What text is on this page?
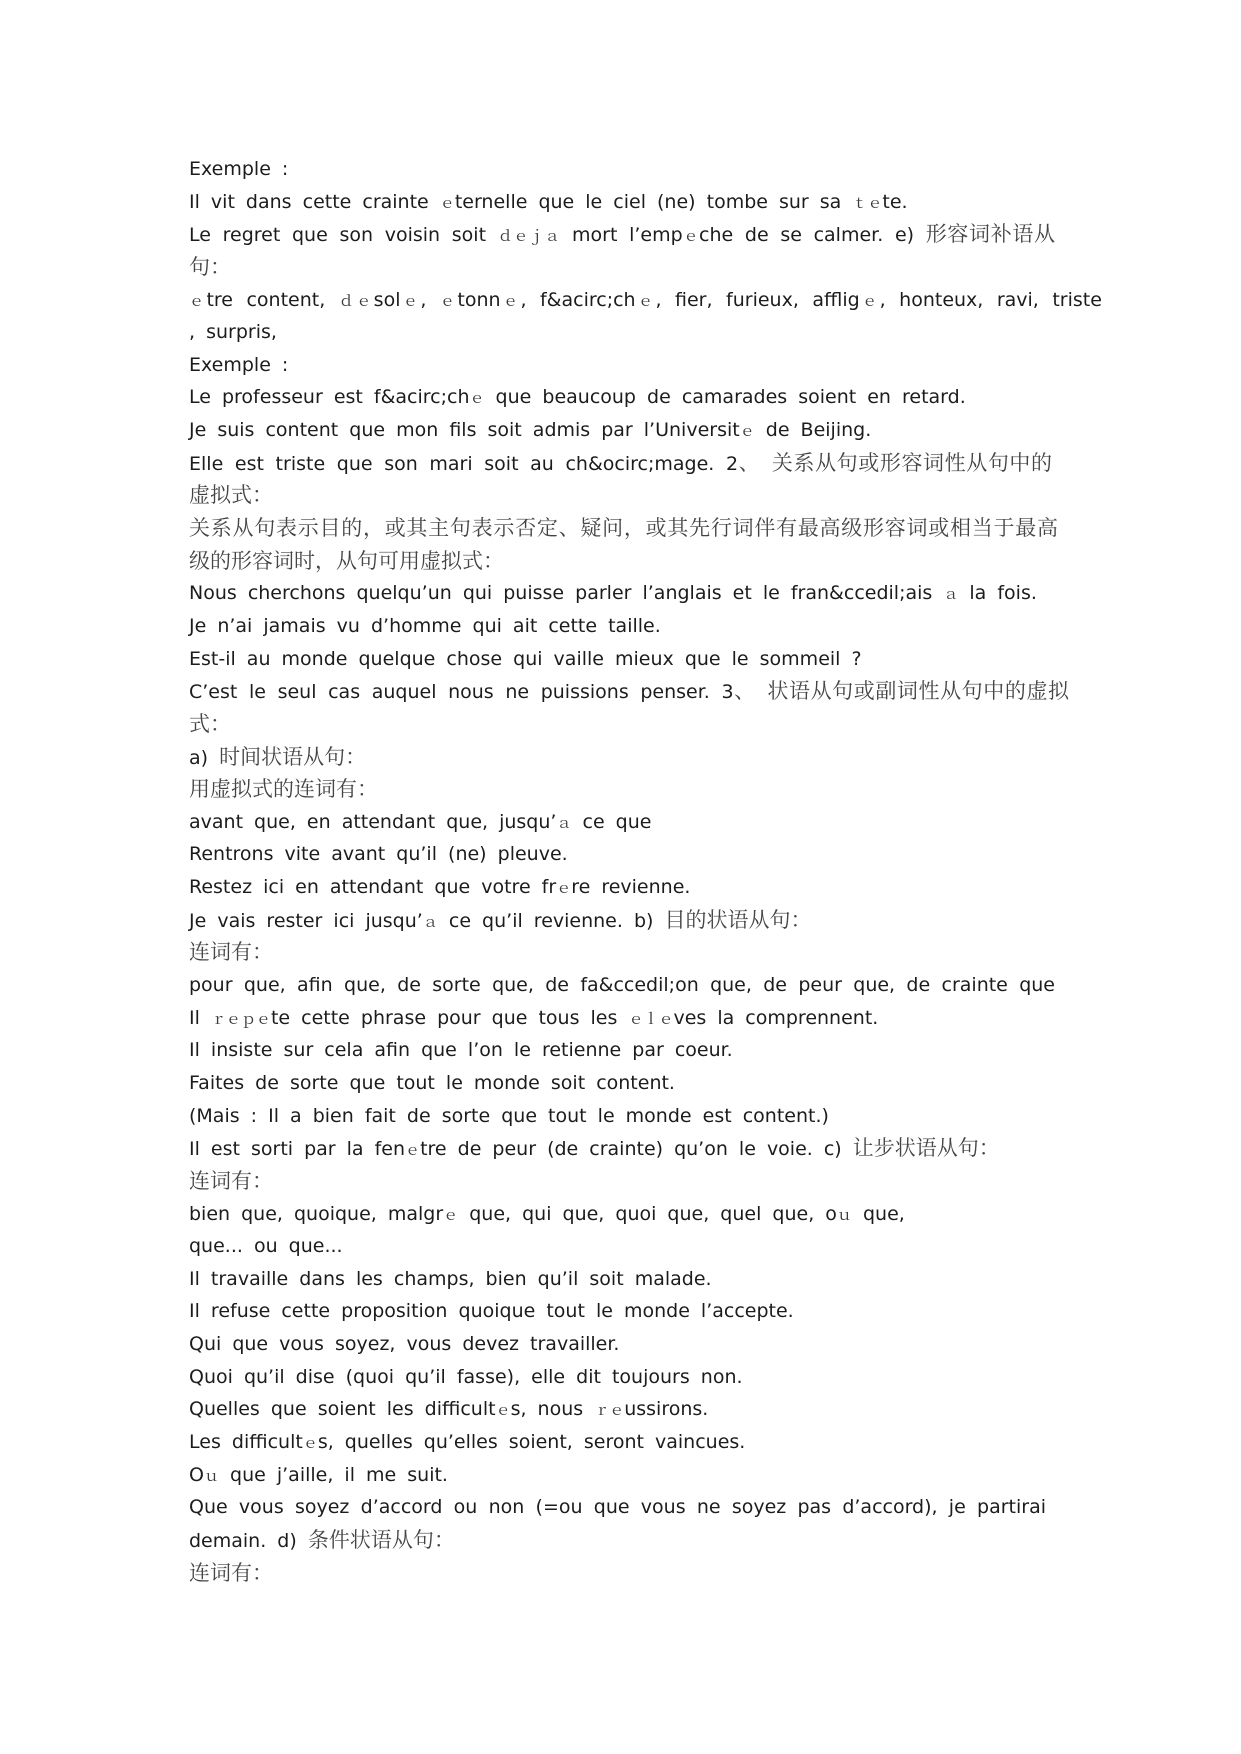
Exemple :
Il vit dans cette crainte ｅternelle que le ciel (ne) tombe sur sa ｔｅte.
Le regret que son voisin soit ｄｅｊａ mort l’empｅche de se calmer. e) 形容词补语从
句：
ｅtre content, ｄｅsolｅ, ｅtonnｅ, f&acirc;chｅ, fier, furieux, affligｅ, honteux, ravi, triste
, surpris,
Exemple :
Le professeur est f&acirc;chｅ que beaucoup de camarades soient en retard.
Je suis content que mon fils soit admis par l’Universitｅ de Beijing.
Elle est triste que son mari soit au ch&ocirc;mage. 2、 关系从句或形容词性从句中的
虚拟式：
关系从句表示目的，或其主句表示否定、疑问，或其先行词伴有最高级形容词或相当于最高
级的形容词时，从句可用虚拟式：
Nous cherchons quelqu’un qui puisse parler l’anglais et le fran&ccedil;ais ａ la fois.
Je n’ai jamais vu d’homme qui ait cette taille.
Est-il au monde quelque chose qui vaille mieux que le sommeil ?
C’est le seul cas auquel nous ne puissions penser. 3、 状语从句或副词性从句中的虚拟
式：
a) 时间状语从句：
用虚拟式的连词有：
avant que, en attendant que, jusqu’ａ ce que
Rentrons vite avant qu’il (ne) pleuve.
Restez ici en attendant que votre frｅre revienne.
Je vais rester ici jusqu’ａ ce qu’il revienne. b) 目的状语从句：
连词有：
pour que, afin que, de sorte que, de fa&ccedil;on que, de peur que, de crainte que
Il ｒｅｐｅte cette phrase pour que tous les ｅｌｅves la comprennent.
Il insiste sur cela afin que l’on le retienne par coeur.
Faites de sorte que tout le monde soit content.
(Mais : Il a bien fait de sorte que tout le monde est content.)
Il est sorti par la fenｅtre de peur (de crainte) qu’on le voie. c) 让步状语从句：
连词有：
bien que, quoique, malgrｅ que, qui que, quoi que, quel que, oｕ que,
que... ou que...
Il travaille dans les champs, bien qu’il soit malade.
Il refuse cette proposition quoique tout le monde l’accepte.
Qui que vous soyez, vous devez travailler.
Quoi qu’il dise (quoi qu’il fasse), elle dit toujours non.
Quelles que soient les difficultｅs, nous ｒｅussirons.
Les difficultｅs, quelles qu’elles soient, seront vaincues.
Oｕ que j’aille, il me suit.
Que vous soyez d’accord ou non (=ou que vous ne soyez pas d’accord), je partirai
demain. d) 条件状语从句：
连词有：
